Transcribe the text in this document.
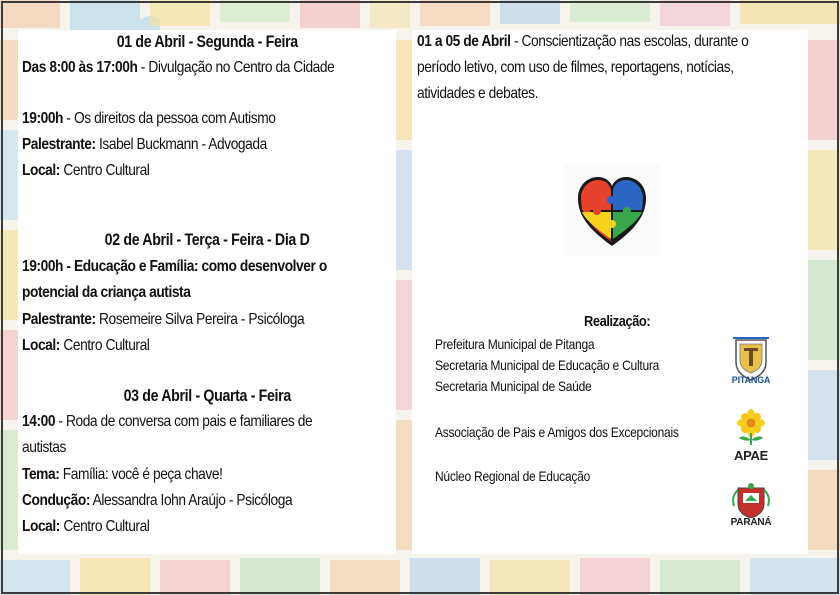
01 de Abril - Segunda - Feira
Das 8:00 às 17:00h - Divulgação no Centro da Cidade
19:00h - Os direitos da pessoa com Autismo
Palestrante: Isabel Buckmann - Advogada
Local: Centro Cultural
02 de Abril - Terça - Feira - Dia D
19:00h - Educação e Família: como desenvolver o
potencial da criança autista
Palestrante: Rosemeire Silva Pereira - Psicóloga
Local: Centro Cultural
03 de Abril - Quarta - Feira
14:00 - Roda de conversa com pais e familiares de
autistas
Tema: Família: você é peça chave!
Condução: Alessandra Iohn Araújo - Psicóloga
Local: Centro Cultural
01 a 05 de Abril - Conscientização nas escolas, durante o
período letivo, com uso de filmes, reportagens, notícias,
atividades e debates.
Realização:
Prefeitura Municipal de Pitanga
Secretaria Municipal de Educação e Cultura
Secretaria Municipal de Saúde
Associação de Pais e Amigos dos Excepcionais
Núcleo Regional de Educação
PITANGA
APAE
PARANÁ
